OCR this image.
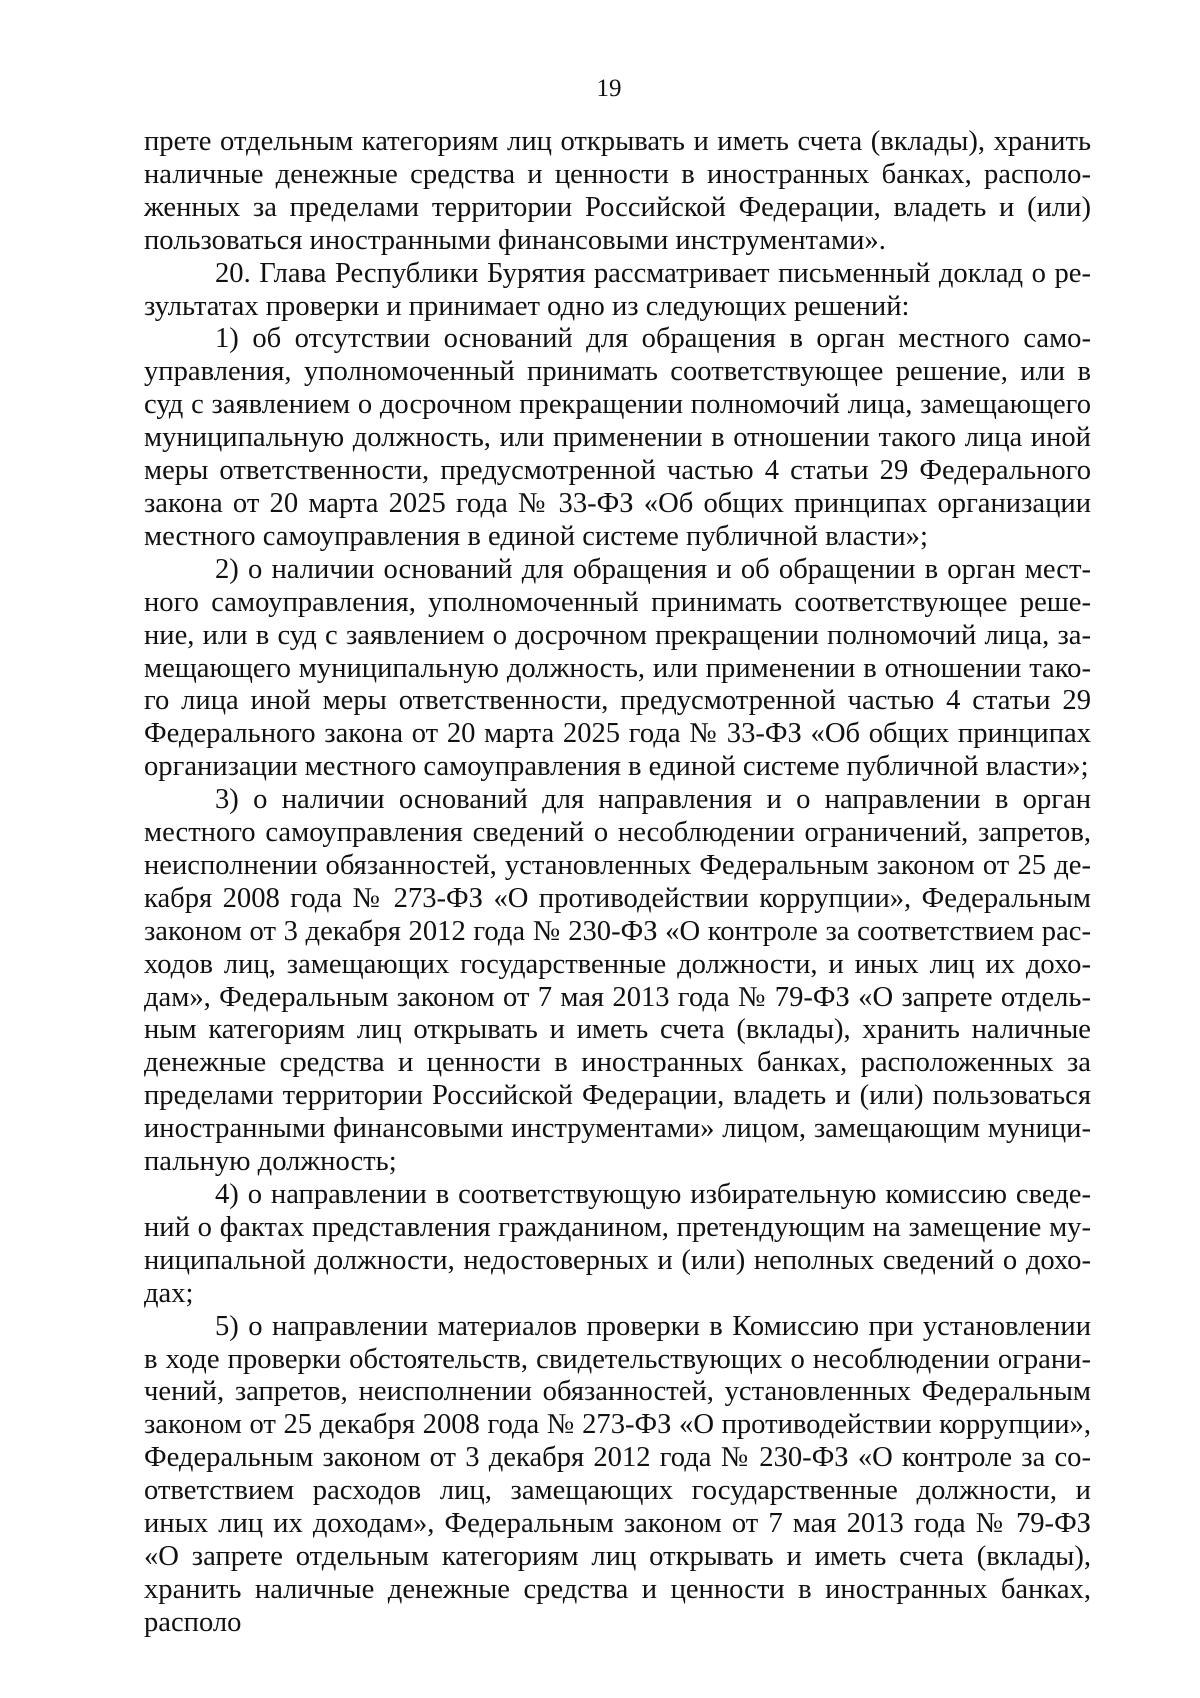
19

прете отдельным категориям лиц открывать и иметь счета (вклады), хранить наличные денежные средства и ценности в иностранных банках, расположенных за пределами территории Российской Федерации, владеть и (или) пользоваться иностранными финансовыми инструментами».

20. Глава Республики Бурятия рассматривает письменный доклад о результатах проверки и принимает одно из следующих решений:

1) об отсутствии оснований для обращения в орган местного самоуправления, уполномоченный принимать соответствующее решение, или в суд с заявлением о досрочном прекращении полномочий лица, замещающего муниципальную должность, или применении в отношении такого лица иной меры ответственности, предусмотренной частью 4 статьи 29 Федерального закона от 20 марта 2025 года № 33-ФЗ «Об общих принципах организации местного самоуправления в единой системе публичной власти»;

2) о наличии оснований для обращения и об обращении в орган местного самоуправления, уполномоченный принимать соответствующее решение, или в суд с заявлением о досрочном прекращении полномочий лица, замещающего муниципальную должность, или применении в отношении такого лица иной меры ответственности, предусмотренной частью 4 статьи 29 Федерального закона от 20 марта 2025 года № 33-ФЗ «Об общих принципах организации местного самоуправления в единой системе публичной власти»;

3) о наличии оснований для направления и о направлении в орган местного самоуправления сведений о несоблюдении ограничений, запретов, неисполнении обязанностей, установленных Федеральным законом от 25 декабря 2008 года № 273-ФЗ «О противодействии коррупции», Федеральным законом от 3 декабря 2012 года № 230-ФЗ «О контроле за соответствием расходов лиц, замещающих государственные должности, и иных лиц их доходам», Федеральным законом от 7 мая 2013 года № 79-ФЗ «О запрете отдельным категориям лиц открывать и иметь счета (вклады), хранить наличные денежные средства и ценности в иностранных банках, расположенных за пределами территории Российской Федерации, владеть и (или) пользоваться иностранными финансовыми инструментами» лицом, замещающим муниципальную должность;

4) о направлении в соответствующую избирательную комиссию сведений о фактах представления гражданином, претендующим на замещение муниципальной должности, недостоверных и (или) неполных сведений о доходах;

5) о направлении материалов проверки в Комиссию при установлении в ходе проверки обстоятельств, свидетельствующих о несоблюдении ограничений, запретов, неисполнении обязанностей, установленных Федеральным законом от 25 декабря 2008 года № 273-ФЗ «О противодействии коррупции», Федеральным законом от 3 декабря 2012 года № 230-ФЗ «О контроле за соответствием расходов лиц, замещающих государственные должности, и иных лиц их доходам», Федеральным законом от 7 мая 2013 года № 79-ФЗ «О запрете отдельным категориям лиц открывать и иметь счета (вклады), хранить наличные денежные средства и ценности в иностранных банках, располо
